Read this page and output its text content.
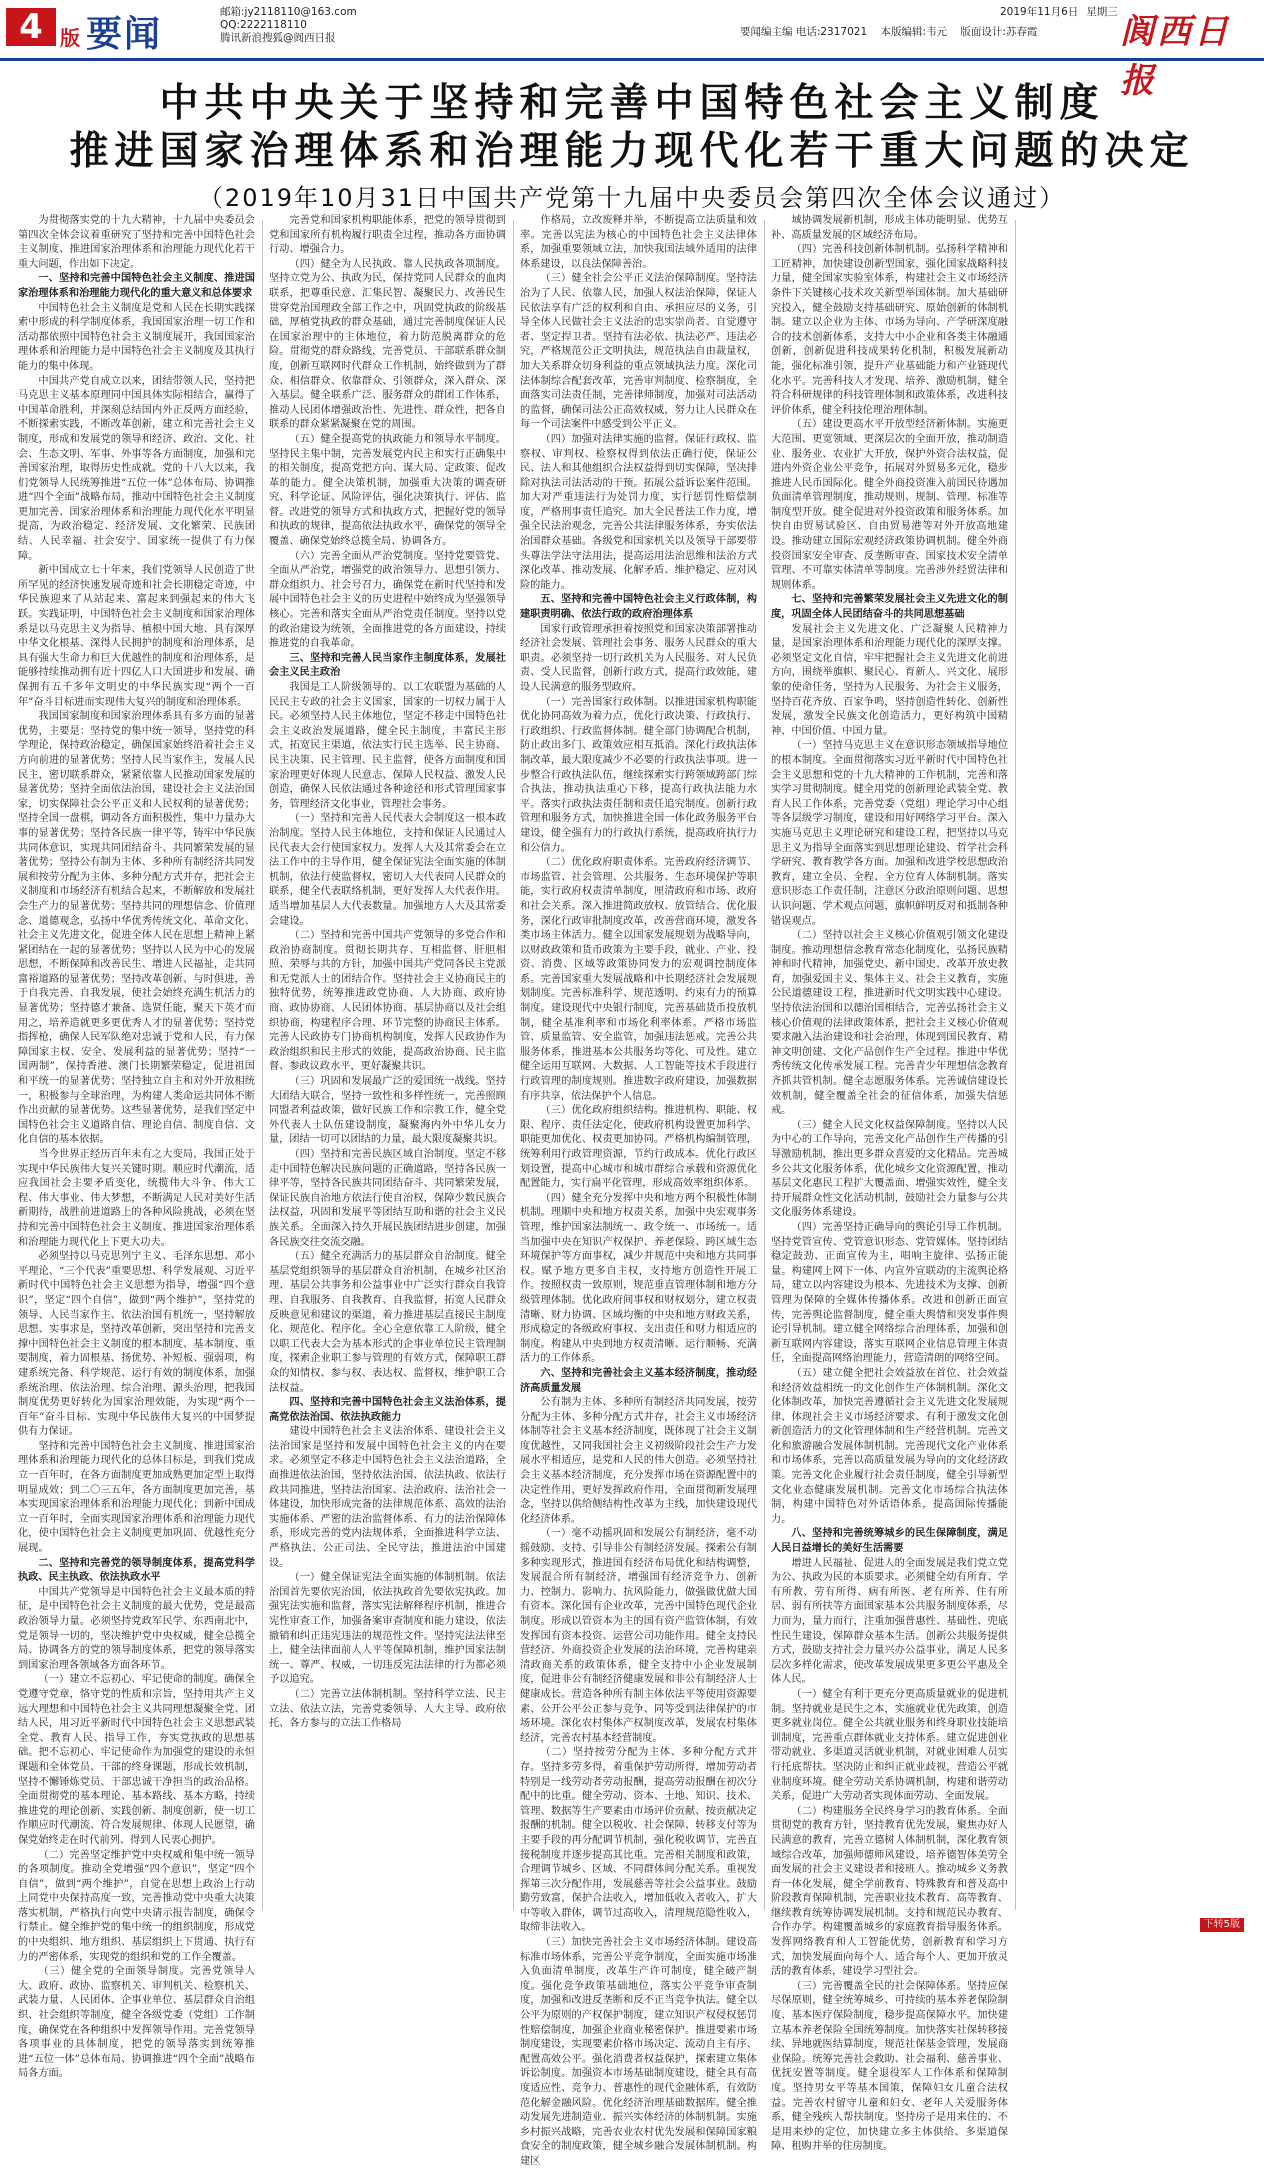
4 版 要闻
邮箱:jy2118110@163.com
QQ:2222118110
腾讯新浪搜狐@阆西日报	要闻编主编 电话:2317021 本版编辑:韦元 版面设计:苏春霞
2019年11月6日 星期三 阆西日报
中共中央关于坚持和完善中国特色社会主义制度
推进国家治理体系和治理能力现代化若干重大问题的决定
（2019年10月31日中国共产党第十九届中央委员会第四次全体会议通过）

为贯彻落实党的十九大精神，十九届中央委员会第四次全体会议着重研究了坚持和完善中国特色社会主义制度、推进国家治理体系和治理能力现代化若干重大问题，作出如下决定。

一、坚持和完善中国特色社会主义制度、推进国家治理体系和治理能力现代化的重大意义和总体要求

中国特色社会主义制度是党和人民在长期实践探索中形成的科学制度体系，我国国家治理一切工作和活动都依照中国特色社会主义制度展开，我国国家治理体系和治理能力是中国特色社会主义制度及其执行能力的集中体现。

中国共产党自成立以来，团结带领人民，坚持把马克思主义基本原理同中国具体实际相结合，赢得了中国革命胜利，并深刻总结国内外正反两方面经验，不断探索实践，不断改革创新，建立和完善社会主义制度，形成和发展党的领导和经济、政治、文化、社会、生态文明、军事、外事等各方面制度，加强和完善国家治理，取得历史性成就。党的十八大以来，我们党领导人民统筹推进“五位一体”总体布局、协调推进“四个全面”战略布局，推动中国特色社会主义制度更加完善、国家治理体系和治理能力现代化水平明显提高，为政治稳定、经济发展、文化繁荣、民族团结、人民幸福、社会安宁、国家统一提供了有力保障。

新中国成立七十年来，我们党领导人民创造了世所罕见的经济快速发展奇迹和社会长期稳定奇迹，中华民族迎来了从站起来、富起来到强起来的伟大飞跃。实践证明，中国特色社会主义制度和国家治理体系是以马克思主义为指导、植根中国大地、具有深厚中华文化根基、深得人民拥护的制度和治理体系，是具有强大生命力和巨大优越性的制度和治理体系，是能够持续推动拥有近十四亿人口大国进步和发展、确保拥有五千多年文明史的中华民族实现“两个一百年”奋斗目标进而实现伟大复兴的制度和治理体系。

我国国家制度和国家治理体系具有多方面的显著优势，主要是：坚持党的集中统一领导，坚持党的科学理论，保持政治稳定，确保国家始终沿着社会主义方向前进的显著优势；坚持人民当家作主，发展人民民主，密切联系群众，紧紧依靠人民推动国家发展的显著优势；坚持全面依法治国，建设社会主义法治国家，切实保障社会公平正义和人民权利的显著优势；坚持全国一盘棋，调动各方面积极性，集中力量办大事的显著优势；坚持各民族一律平等，铸牢中华民族共同体意识，实现共同团结奋斗、共同繁荣发展的显著优势；坚持公有制为主体、多种所有制经济共同发展和按劳分配为主体、多种分配方式并存，把社会主义制度和市场经济有机结合起来，不断解放和发展社会生产力的显著优势；坚持共同的理想信念、价值理念、道德观念，弘扬中华优秀传统文化、革命文化、社会主义先进文化，促进全体人民在思想上精神上紧紧团结在一起的显著优势；坚持以人民为中心的发展思想，不断保障和改善民生、增进人民福祉，走共同富裕道路的显著优势；坚持改革创新、与时俱进，善于自我完善、自我发展，使社会始终充满生机活力的显著优势；坚持德才兼备、选贤任能，聚天下英才而用之，培养造就更多更优秀人才的显著优势；坚持党指挥枪，确保人民军队绝对忠诚于党和人民，有力保障国家主权、安全、发展利益的显著优势；坚持“一国两制”，保持香港、澳门长期繁荣稳定，促进祖国和平统一的显著优势；坚持独立自主和对外开放相统一，积极参与全球治理，为构建人类命运共同体不断作出贡献的显著优势。这些显著优势，是我们坚定中国特色社会主义道路自信、理论自信、制度自信、文化自信的基本依据。

当今世界正经历百年未有之大变局，我国正处于实现中华民族伟大复兴关键时期。顺应时代潮流，适应我国社会主要矛盾变化，统揽伟大斗争、伟大工程、伟大事业、伟大梦想，不断满足人民对美好生活新期待，战胜前进道路上的各种风险挑战，必须在坚持和完善中国特色社会主义制度、推进国家治理体系和治理能力现代化上下更大功夫。

必须坚持以马克思列宁主义、毛泽东思想、邓小平理论、“三个代表”重要思想、科学发展观、习近平新时代中国特色社会主义思想为指导，增强“四个意识”，坚定“四个自信”，做到“两个维护”，坚持党的领导、人民当家作主、依法治国有机统一，坚持解放思想、实事求是，坚持改革创新，突出坚持和完善支撑中国特色社会主义制度的根本制度、基本制度、重要制度，着力固根基、扬优势、补短板、强弱项，构建系统完备、科学规范、运行有效的制度体系，加强系统治理、依法治理、综合治理、源头治理，把我国制度优势更好转化为国家治理效能，为实现“两个一百年”奋斗目标、实现中华民族伟大复兴的中国梦提供有力保证。

坚持和完善中国特色社会主义制度、推进国家治理体系和治理能力现代化的总体目标是，到我们党成立一百年时，在各方面制度更加成熟更加定型上取得明显成效；到二〇三五年，各方面制度更加完善，基本实现国家治理体系和治理能力现代化；到新中国成立一百年时，全面实现国家治理体系和治理能力现代化，使中国特色社会主义制度更加巩固、优越性充分展现。

二、坚持和完善党的领导制度体系，提高党科学执政、民主执政、依法执政水平

中国共产党领导是中国特色社会主义最本质的特征，是中国特色社会主义制度的最大优势，党是最高政治领导力量。必须坚持党政军民学、东西南北中，党是领导一切的，坚决维护党中央权威，健全总揽全局、协调各方的党的领导制度体系，把党的领导落实到国家治理各领域各方面各环节。

（一）建立不忘初心、牢记使命的制度。确保全党遵守党章，恪守党的性质和宗旨，坚持用共产主义远大理想和中国特色社会主义共同理想凝聚全党、团结人民，用习近平新时代中国特色社会主义思想武装全党、教育人民、指导工作，夯实党执政的思想基础。把不忘初心、牢记使命作为加强党的建设的永恒课题和全体党员、干部的终身课题，形成长效机制，坚持不懈锤炼党员、干部忠诚干净担当的政治品格。全面贯彻党的基本理论、基本路线、基本方略，持续推进党的理论创新、实践创新、制度创新，使一切工作顺应时代潮流、符合发展规律、体现人民愿望，确保党始终走在时代前列、得到人民衷心拥护。

（二）完善坚定维护党中央权威和集中统一领导的各项制度。推动全党增强“四个意识”，坚定“四个自信”，做到“两个维护”，自觉在思想上政治上行动上同党中央保持高度一致，完善推动党中央重大决策落实机制，严格执行向党中央请示报告制度，确保令行禁止。健全维护党的集中统一的组织制度，形成党的中央组织、地方组织、基层组织上下贯通、执行有力的严密体系，实现党的组织和党的工作全覆盖。

（三）健全党的全面领导制度。完善党领导人大、政府、政协、监察机关、审判机关、检察机关、武装力量、人民团体、企事业单位、基层群众自治组织、社会组织等制度，健全各级党委（党组）工作制度，确保党在各种组织中发挥领导作用。完善党领导各项事业的具体制度，把党的领导落实到统筹推进“五位一体”总体布局、协调推进“四个全面”战略布局各方面。

完善党和国家机构职能体系，把党的领导贯彻到党和国家所有机构履行职责全过程，推动各方面协调行动、增强合力。

（四）健全为人民执政、靠人民执政各项制度。坚持立党为公、执政为民，保持党同人民群众的血肉联系，把尊重民意、汇集民智、凝聚民力、改善民生贯穿党治国理政全部工作之中，巩固党执政的阶级基础，厚植党执政的群众基础，通过完善制度保证人民在国家治理中的主体地位，着力防范脱离群众的危险。贯彻党的群众路线，完善党员、干部联系群众制度，创新互联网时代群众工作机制，始终做到为了群众、相信群众、依靠群众、引领群众，深入群众、深入基层。健全联系广泛、服务群众的群团工作体系，推动人民团体增强政治性、先进性、群众性，把各自联系的群众紧紧凝聚在党的周围。

（五）健全提高党的执政能力和领导水平制度。坚持民主集中制，完善发展党内民主和实行正确集中的相关制度，提高党把方向、谋大局、定政策、促改革的能力。健全决策机制，加强重大决策的调查研究、科学论证、风险评估，强化决策执行、评估、监督。改进党的领导方式和执政方式，把握好党的领导和执政的规律，提高依法执政水平，确保党的领导全覆盖、确保党始终总揽全局、协调各方。

（六）完善全面从严治党制度。坚持党要管党、全面从严治党，增强党的政治领导力、思想引领力、群众组织力、社会号召力，确保党在新时代坚持和发展中国特色社会主义的历史进程中始终成为坚强领导核心。完善和落实全面从严治党责任制度。坚持以党的政治建设为统领，全面推进党的各方面建设，持续推进党的自我革命。

三、坚持和完善人民当家作主制度体系，发展社会主义民主政治

我国是工人阶级领导的、以工农联盟为基础的人民民主专政的社会主义国家，国家的一切权力属于人民。必须坚持人民主体地位，坚定不移走中国特色社会主义政治发展道路，健全民主制度，丰富民主形式，拓宽民主渠道，依法实行民主选举、民主协商、民主决策、民主管理、民主监督，使各方面制度和国家治理更好体现人民意志、保障人民权益、激发人民创造，确保人民依法通过各种途径和形式管理国家事务，管理经济文化事业，管理社会事务。

（一）坚持和完善人民代表大会制度这一根本政治制度。坚持人民主体地位，支持和保证人民通过人民代表大会行使国家权力。发挥人大及其常委会在立法工作中的主导作用，健全保证宪法全面实施的体制机制，依法行使监督权，密切人大代表同人民群众的联系，健全代表联络机制，更好发挥人大代表作用。适当增加基层人大代表数量。加强地方人大及其常委会建设。

（二）坚持和完善中国共产党领导的多党合作和政治协商制度。贯彻长期共存、互相监督、肝胆相照、荣辱与共的方针，加强中国共产党同各民主党派和无党派人士的团结合作。坚持社会主义协商民主的独特优势，统筹推进政党协商、人大协商、政府协商、政协协商、人民团体协商、基层协商以及社会组织协商，构建程序合理、环节完整的协商民主体系。完善人民政协专门协商机构制度，发挥人民政协作为政治组织和民主形式的效能，提高政治协商、民主监督、参政议政水平，更好凝聚共识。

（三）巩固和发展最广泛的爱国统一战线。坚持大团结大联合，坚持一致性和多样性统一，完善照顾同盟者利益政策，做好民族工作和宗教工作，健全党外代表人士队伍建设制度，凝聚海内外中华儿女力量，团结一切可以团结的力量，最大限度凝聚共识。

（四）坚持和完善民族区域自治制度。坚定不移走中国特色解决民族问题的正确道路，坚持各民族一律平等，坚持各民族共同团结奋斗、共同繁荣发展，保证民族自治地方依法行使自治权，保障少数民族合法权益，巩固和发展平等团结互助和谐的社会主义民族关系。全面深入持久开展民族团结进步创建，加强各民族交往交流交融。

（五）健全充满活力的基层群众自治制度。健全基层党组织领导的基层群众自治机制，在城乡社区治理、基层公共事务和公益事业中广泛实行群众自我管理、自我服务、自我教育、自我监督，拓宽人民群众反映意见和建议的渠道，着力推进基层直接民主制度化、规范化、程序化。全心全意依靠工人阶级，健全以职工代表大会为基本形式的企事业单位民主管理制度，探索企业职工参与管理的有效方式，保障职工群众的知情权、参与权、表达权、监督权，维护职工合法权益。

四、坚持和完善中国特色社会主义法治体系，提高党依法治国、依法执政能力

建设中国特色社会主义法治体系、建设社会主义法治国家是坚持和发展中国特色社会主义的内在要求。必须坚定不移走中国特色社会主义法治道路，全面推进依法治国，坚持依法治国、依法执政、依法行政共同推进，坚持法治国家、法治政府、法治社会一体建设，加快形成完备的法律规范体系、高效的法治实施体系、严密的法治监督体系、有力的法治保障体系，形成完善的党内法规体系，全面推进科学立法、严格执法、公正司法、全民守法，推进法治中国建设。

（一）健全保证宪法全面实施的体制机制。依法治国首先要依宪治国，依法执政首先要依宪执政。加强宪法实施和监督，落实宪法解释程序机制，推进合宪性审查工作，加强备案审查制度和能力建设，依法撤销和纠正违宪违法的规范性文件。坚持宪法法律至上，健全法律面前人人平等保障机制，维护国家法制统一、尊严、权威，一切违反宪法法律的行为都必须予以追究。

（二）完善立法体制机制。坚持科学立法、民主立法、依法立法，完善党委领导、人大主导、政府依托、各方参与的立法工作格局

作格局，立改废释并举，不断提高立法质量和效率。完善以宪法为核心的中国特色社会主义法律体系，加强重要领域立法，加快我国法域外适用的法律体系建设，以良法保障善治。

（三）健全社会公平正义法治保障制度。坚持法治为了人民、依靠人民，加强人权法治保障，保证人民依法享有广泛的权利和自由、承担应尽的义务，引导全体人民做社会主义法治的忠实崇尚者、自觉遵守者、坚定捍卫者。坚持有法必依、执法必严、违法必究，严格规范公正文明执法，规范执法自由裁量权，加大关系群众切身利益的重点领域执法力度。深化司法体制综合配套改革，完善审判制度、检察制度，全面落实司法责任制，完善律师制度，加强对司法活动的监督，确保司法公正高效权威，努力让人民群众在每一个司法案件中感受到公平正义。

（四）加强对法律实施的监督。保证行政权、监察权、审判权、检察权得到依法正确行使，保证公民、法人和其他组织合法权益得到切实保障，坚决排除对执法司法活动的干预。拓展公益诉讼案件范围。加大对严重违法行为处罚力度，实行惩罚性赔偿制度，严格刑事责任追究。加大全民普法工作力度，增强全民法治观念，完善公共法律服务体系，夯实依法治国群众基础。各级党和国家机关以及领导干部要带头尊法学法守法用法，提高运用法治思维和法治方式深化改革、推动发展、化解矛盾、维护稳定、应对风险的能力。

五、坚持和完善中国特色社会主义行政体制，构建职责明确、依法行政的政府治理体系

国家行政管理承担着按照党和国家决策部署推动经济社会发展、管理社会事务、服务人民群众的重大职责。必须坚持一切行政机关为人民服务、对人民负责、受人民监督，创新行政方式，提高行政效能，建设人民满意的服务型政府。

（一）完善国家行政体制。以推进国家机构职能优化协同高效为着力点，优化行政决策、行政执行、行政组织、行政监督体制。健全部门协调配合机制，防止政出多门、政策效应相互抵消。深化行政执法体制改革，最大限度减少不必要的行政执法事项。进一步整合行政执法队伍，继续探索实行跨领域跨部门综合执法，推动执法重心下移，提高行政执法能力水平。落实行政执法责任制和责任追究制度。创新行政管理和服务方式，加快推进全国一体化政务服务平台建设，健全强有力的行政执行系统，提高政府执行力和公信力。

（二）优化政府职责体系。完善政府经济调节、市场监管、社会管理、公共服务、生态环境保护等职能，实行政府权责清单制度，厘清政府和市场、政府和社会关系。深入推进简政放权、放管结合、优化服务，深化行政审批制度改革，改善营商环境，激发各类市场主体活力。健全以国家发展规划为战略导向，以财政政策和货币政策为主要手段，就业、产业、投资、消费、区域等政策协同发力的宏观调控制度体系。完善国家重大发展战略和中长期经济社会发展规划制度。完善标准科学、规范透明、约束有力的预算制度。建设现代中央银行制度，完善基础货币投放机制，健全基准利率和市场化利率体系。严格市场监管、质量监管、安全监管，加强违法惩戒。完善公共服务体系，推进基本公共服务均等化、可及性。建立健全运用互联网、大数据、人工智能等技术手段进行行政管理的制度规则。推进数字政府建设，加强数据有序共享，依法保护个人信息。

（三）优化政府组织结构。推进机构、职能、权限、程序、责任法定化，使政府机构设置更加科学、职能更加优化、权责更加协同。严格机构编制管理，统筹利用行政管理资源，节约行政成本。优化行政区划设置，提高中心城市和城市群综合承载和资源优化配置能力，实行扁平化管理，形成高效率组织体系。

（四）健全充分发挥中央和地方两个积极性体制机制。理顺中央和地方权责关系，加强中央宏观事务管理，维护国家法制统一、政令统一、市场统一。适当加强中央在知识产权保护、养老保险、跨区域生态环境保护等方面事权，减少并规范中央和地方共同事权。赋予地方更多自主权，支持地方创造性开展工作。按照权责一致原则，规范垂直管理体制和地方分级管理体制。优化政府间事权和财权划分，建立权责清晰、财力协调、区域均衡的中央和地方财政关系，形成稳定的各级政府事权、支出责任和财力相适应的制度。构建从中央到地方权责清晰、运行顺畅、充满活力的工作体系。

六、坚持和完善社会主义基本经济制度，推动经济高质量发展

公有制为主体、多种所有制经济共同发展，按劳分配为主体、多种分配方式并存，社会主义市场经济体制等社会主义基本经济制度，既体现了社会主义制度优越性，又同我国社会主义初级阶段社会生产力发展水平相适应，是党和人民的伟大创造。必须坚持社会主义基本经济制度，充分发挥市场在资源配置中的决定性作用，更好发挥政府作用，全面贯彻新发展理念，坚持以供给侧结构性改革为主线，加快建设现代化经济体系。

（一）毫不动摇巩固和发展公有制经济，毫不动摇鼓励、支持、引导非公有制经济发展。探索公有制多种实现形式，推进国有经济布局优化和结构调整，发展混合所有制经济，增强国有经济竞争力、创新力、控制力、影响力、抗风险能力，做强做优做大国有资本。深化国有企业改革，完善中国特色现代企业制度。形成以管资本为主的国有资产监管体制，有效发挥国有资本投资、运营公司功能作用。健全支持民营经济、外商投资企业发展的法治环境，完善构建亲清政商关系的政策体系，健全支持中小企业发展制度，促进非公有制经济健康发展和非公有制经济人士健康成长。营造各种所有制主体依法平等使用资源要素、公开公平公正参与竞争、同等受到法律保护的市场环境。深化农村集体产权制度改革，发展农村集体经济，完善农村基本经营制度。

（二）坚持按劳分配为主体、多种分配方式并存。坚持多劳多得，着重保护劳动所得，增加劳动者特别是一线劳动者劳动报酬，提高劳动报酬在初次分配中的比重。健全劳动、资本、土地、知识、技术、管理、数据等生产要素由市场评价贡献、按贡献决定报酬的机制。健全以税收、社会保障、转移支付等为主要手段的再分配调节机制，强化税收调节，完善直接税制度并逐步提高其比重。完善相关制度和政策，合理调节城乡、区域、不同群体间分配关系。重视发挥第三次分配作用，发展慈善等社会公益事业。鼓励勤劳致富，保护合法收入，增加低收入者收入，扩大中等收入群体，调节过高收入，清理规范隐性收入，取缔非法收入。

（三）加快完善社会主义市场经济体制。建设高标准市场体系，完善公平竞争制度，全面实施市场准入负面清单制度，改革生产许可制度，健全破产制度。强化竞争政策基础地位，落实公平竞争审查制度，加强和改进反垄断和反不正当竞争执法。健全以公平为原则的产权保护制度，建立知识产权侵权惩罚性赔偿制度，加强企业商业秘密保护。推进要素市场制度建设，实现要素价格市场决定、流动自主有序、配置高效公平。强化消费者权益保护，探索建立集体诉讼制度。加强资本市场基础制度建设，健全具有高度适应性、竞争力、普惠性的现代金融体系，有效防范化解金融风险。优化经济治理基础数据库。健全推动发展先进制造业、振兴实体经济的体制机制。实施乡村振兴战略，完善农业农村优先发展和保障国家粮食安全的制度政策，健全城乡融合发展体制机制。构建区

域协调发展新机制，形成主体功能明显、优势互补、高质量发展的区域经济布局。

（四）完善科技创新体制机制。弘扬科学精神和工匠精神，加快建设创新型国家，强化国家战略科技力量，健全国家实验室体系，构建社会主义市场经济条件下关键核心技术攻关新型举国体制。加大基础研究投入，健全鼓励支持基础研究、原始创新的体制机制。建立以企业为主体、市场为导向、产学研深度融合的技术创新体系，支持大中小企业和各类主体融通创新，创新促进科技成果转化机制，积极发展新动能，强化标准引领，提升产业基础能力和产业链现代化水平。完善科技人才发现、培养、激励机制，健全符合科研规律的科技管理体制和政策体系，改进科技评价体系，健全科技伦理治理体制。

（五）建设更高水平开放型经济新体制。实施更大范围、更宽领域、更深层次的全面开放，推动制造业、服务业、农业扩大开放，保护外资合法权益，促进内外资企业公平竞争，拓展对外贸易多元化，稳步推进人民币国际化。健全外商投资准入前国民待遇加负面清单管理制度，推动规则、规制、管理、标准等制度型开放。健全促进对外投资政策和服务体系。加快自由贸易试验区、自由贸易港等对外开放高地建设。推动建立国际宏观经济政策协调机制。健全外商投资国家安全审查、反垄断审查、国家技术安全清单管理、不可靠实体清单等制度。完善涉外经贸法律和规则体系。

七、坚持和完善繁荣发展社会主义先进文化的制度，巩固全体人民团结奋斗的共同思想基础

发展社会主义先进文化、广泛凝聚人民精神力量，是国家治理体系和治理能力现代化的深厚支撑。必须坚定文化自信，牢牢把握社会主义先进文化前进方向，围绕举旗帜、聚民心、育新人、兴文化、展形象的使命任务，坚持为人民服务、为社会主义服务，坚持百花齐放、百家争鸣，坚持创造性转化、创新性发展，激发全民族文化创造活力，更好构筑中国精神、中国价值、中国力量。

（一）坚持马克思主义在意识形态领域指导地位的根本制度。全面贯彻落实习近平新时代中国特色社会主义思想和党的十九大精神的工作机制，完善和落实学习贯彻制度。健全用党的创新理论武装全党、教育人民工作体系，完善党委（党组）理论学习中心组等各层级学习制度，建设和用好网络学习平台。深入实施马克思主义理论研究和建设工程，把坚持以马克思主义为指导全面落实到思想理论建设、哲学社会科学研究、教育教学各方面。加强和改进学校思想政治教育，建立全员、全程、全方位育人体制机制。落实意识形态工作责任制，注意区分政治原则问题、思想认识问题、学术观点问题，旗帜鲜明反对和抵制各种错误观点。

（二）坚持以社会主义核心价值观引领文化建设制度。推动理想信念教育常态化制度化，弘扬民族精神和时代精神，加强党史、新中国史、改革开放史教育，加强爱国主义、集体主义、社会主义教育，实施公民道德建设工程，推进新时代文明实践中心建设。坚持依法治国和以德治国相结合，完善弘扬社会主义核心价值观的法律政策体系，把社会主义核心价值观要求融入法治建设和社会治理，体现到国民教育、精神文明创建、文化产品创作生产全过程。推进中华优秀传统文化传承发展工程。完善青少年理想信念教育齐抓共管机制。健全志愿服务体系。完善诚信建设长效机制，健全覆盖全社会的征信体系，加强失信惩戒。

（三）健全人民文化权益保障制度。坚持以人民为中心的工作导向，完善文化产品创作生产传播的引导激励机制，推出更多群众喜爱的文化精品。完善城乡公共文化服务体系，优化城乡文化资源配置，推动基层文化惠民工程扩大覆盖面、增强实效性，健全支持开展群众性文化活动机制，鼓励社会力量参与公共文化服务体系建设。

（四）完善坚持正确导向的舆论引导工作机制。坚持党管宣传、党管意识形态、党管媒体。坚持团结稳定鼓劲、正面宣传为主，唱响主旋律、弘扬正能量。构建网上网下一体、内宣外宣联动的主流舆论格局，建立以内容建设为根本、先进技术为支撑、创新管理为保障的全媒体传播体系。改进和创新正面宣传，完善舆论监督制度，健全重大舆情和突发事件舆论引导机制。建立健全网络综合治理体系，加强和创新互联网内容建设，落实互联网企业信息管理主体责任，全面提高网络治理能力，营造清朗的网络空间。

（五）建立健全把社会效益放在首位、社会效益和经济效益相统一的文化创作生产体制机制。深化文化体制改革，加快完善遵循社会主义先进文化发展规律、体现社会主义市场经济要求、有利于激发文化创新创造活力的文化管理体制和生产经营机制。完善文化和旅游融合发展体制机制。完善现代文化产业体系和市场体系，完善以高质量发展为导向的文化经济政策。完善文化企业履行社会责任制度，健全引导新型文化业态健康发展机制。完善文化市场综合执法体制，构建中国特色对外话语体系，提高国际传播能力。

八、坚持和完善统筹城乡的民生保障制度，满足人民日益增长的美好生活需要

增进人民福祉、促进人的全面发展是我们党立党为公、执政为民的本质要求。必须健全幼有所育、学有所教、劳有所得、病有所医、老有所养、住有所居、弱有所扶等方面国家基本公共服务制度体系，尽力而为，量力而行，注重加强普惠性、基础性、兜底性民生建设，保障群众基本生活。创新公共服务提供方式，鼓励支持社会力量兴办公益事业，满足人民多层次多样化需求，使改革发展成果更多更公平惠及全体人民。

（一）健全有利于更充分更高质量就业的促进机制。坚持就业是民生之本，实施就业优先政策，创造更多就业岗位。健全公共就业服务和终身职业技能培训制度，完善重点群体就业支持体系。建立促进创业带动就业、多渠道灵活就业机制，对就业困难人员实行托底帮扶。坚决防止和纠正就业歧视，营造公平就业制度环境。健全劳动关系协调机制，构建和谐劳动关系，促进广大劳动者实现体面劳动、全面发展。

（二）构建服务全民终身学习的教育体系。全面贯彻党的教育方针，坚持教育优先发展，聚焦办好人民满意的教育，完善立德树人体制机制，深化教育领域综合改革，加强师德师风建设，培养德智体美劳全面发展的社会主义建设者和接班人。推动城乡义务教育一体化发展，健全学前教育、特殊教育和普及高中阶段教育保障机制，完善职业技术教育、高等教育、继续教育统筹协调发展机制。支持和规范民办教育、合作办学。构建覆盖城乡的家庭教育指导服务体系。发挥网络教育和人工智能优势，创新教育和学习方式，加快发展面向每个人、适合每个人、更加开放灵活的教育体系，建设学习型社会。

（三）完善覆盖全民的社会保障体系。坚持应保尽保原则，健全统筹城乡、可持续的基本养老保险制度、基本医疗保险制度，稳步提高保障水平。加快建立基本养老保险全国统筹制度。加快落实社保转移接续、异地就医结算制度，规范社保基金管理，发展商业保险。统筹完善社会救助、社会福利、慈善事业、优抚安置等制度。健全退役军人工作体系和保障制度。坚持男女平等基本国策，保障妇女儿童合法权益。完善农村留守儿童和妇女、老年人关爱服务体系，健全残疾人帮扶制度。坚持房子是用来住的、不是用来炒的定位，加快建立多主体供给、多渠道保障、租购并举的住房制度。

下转5版
